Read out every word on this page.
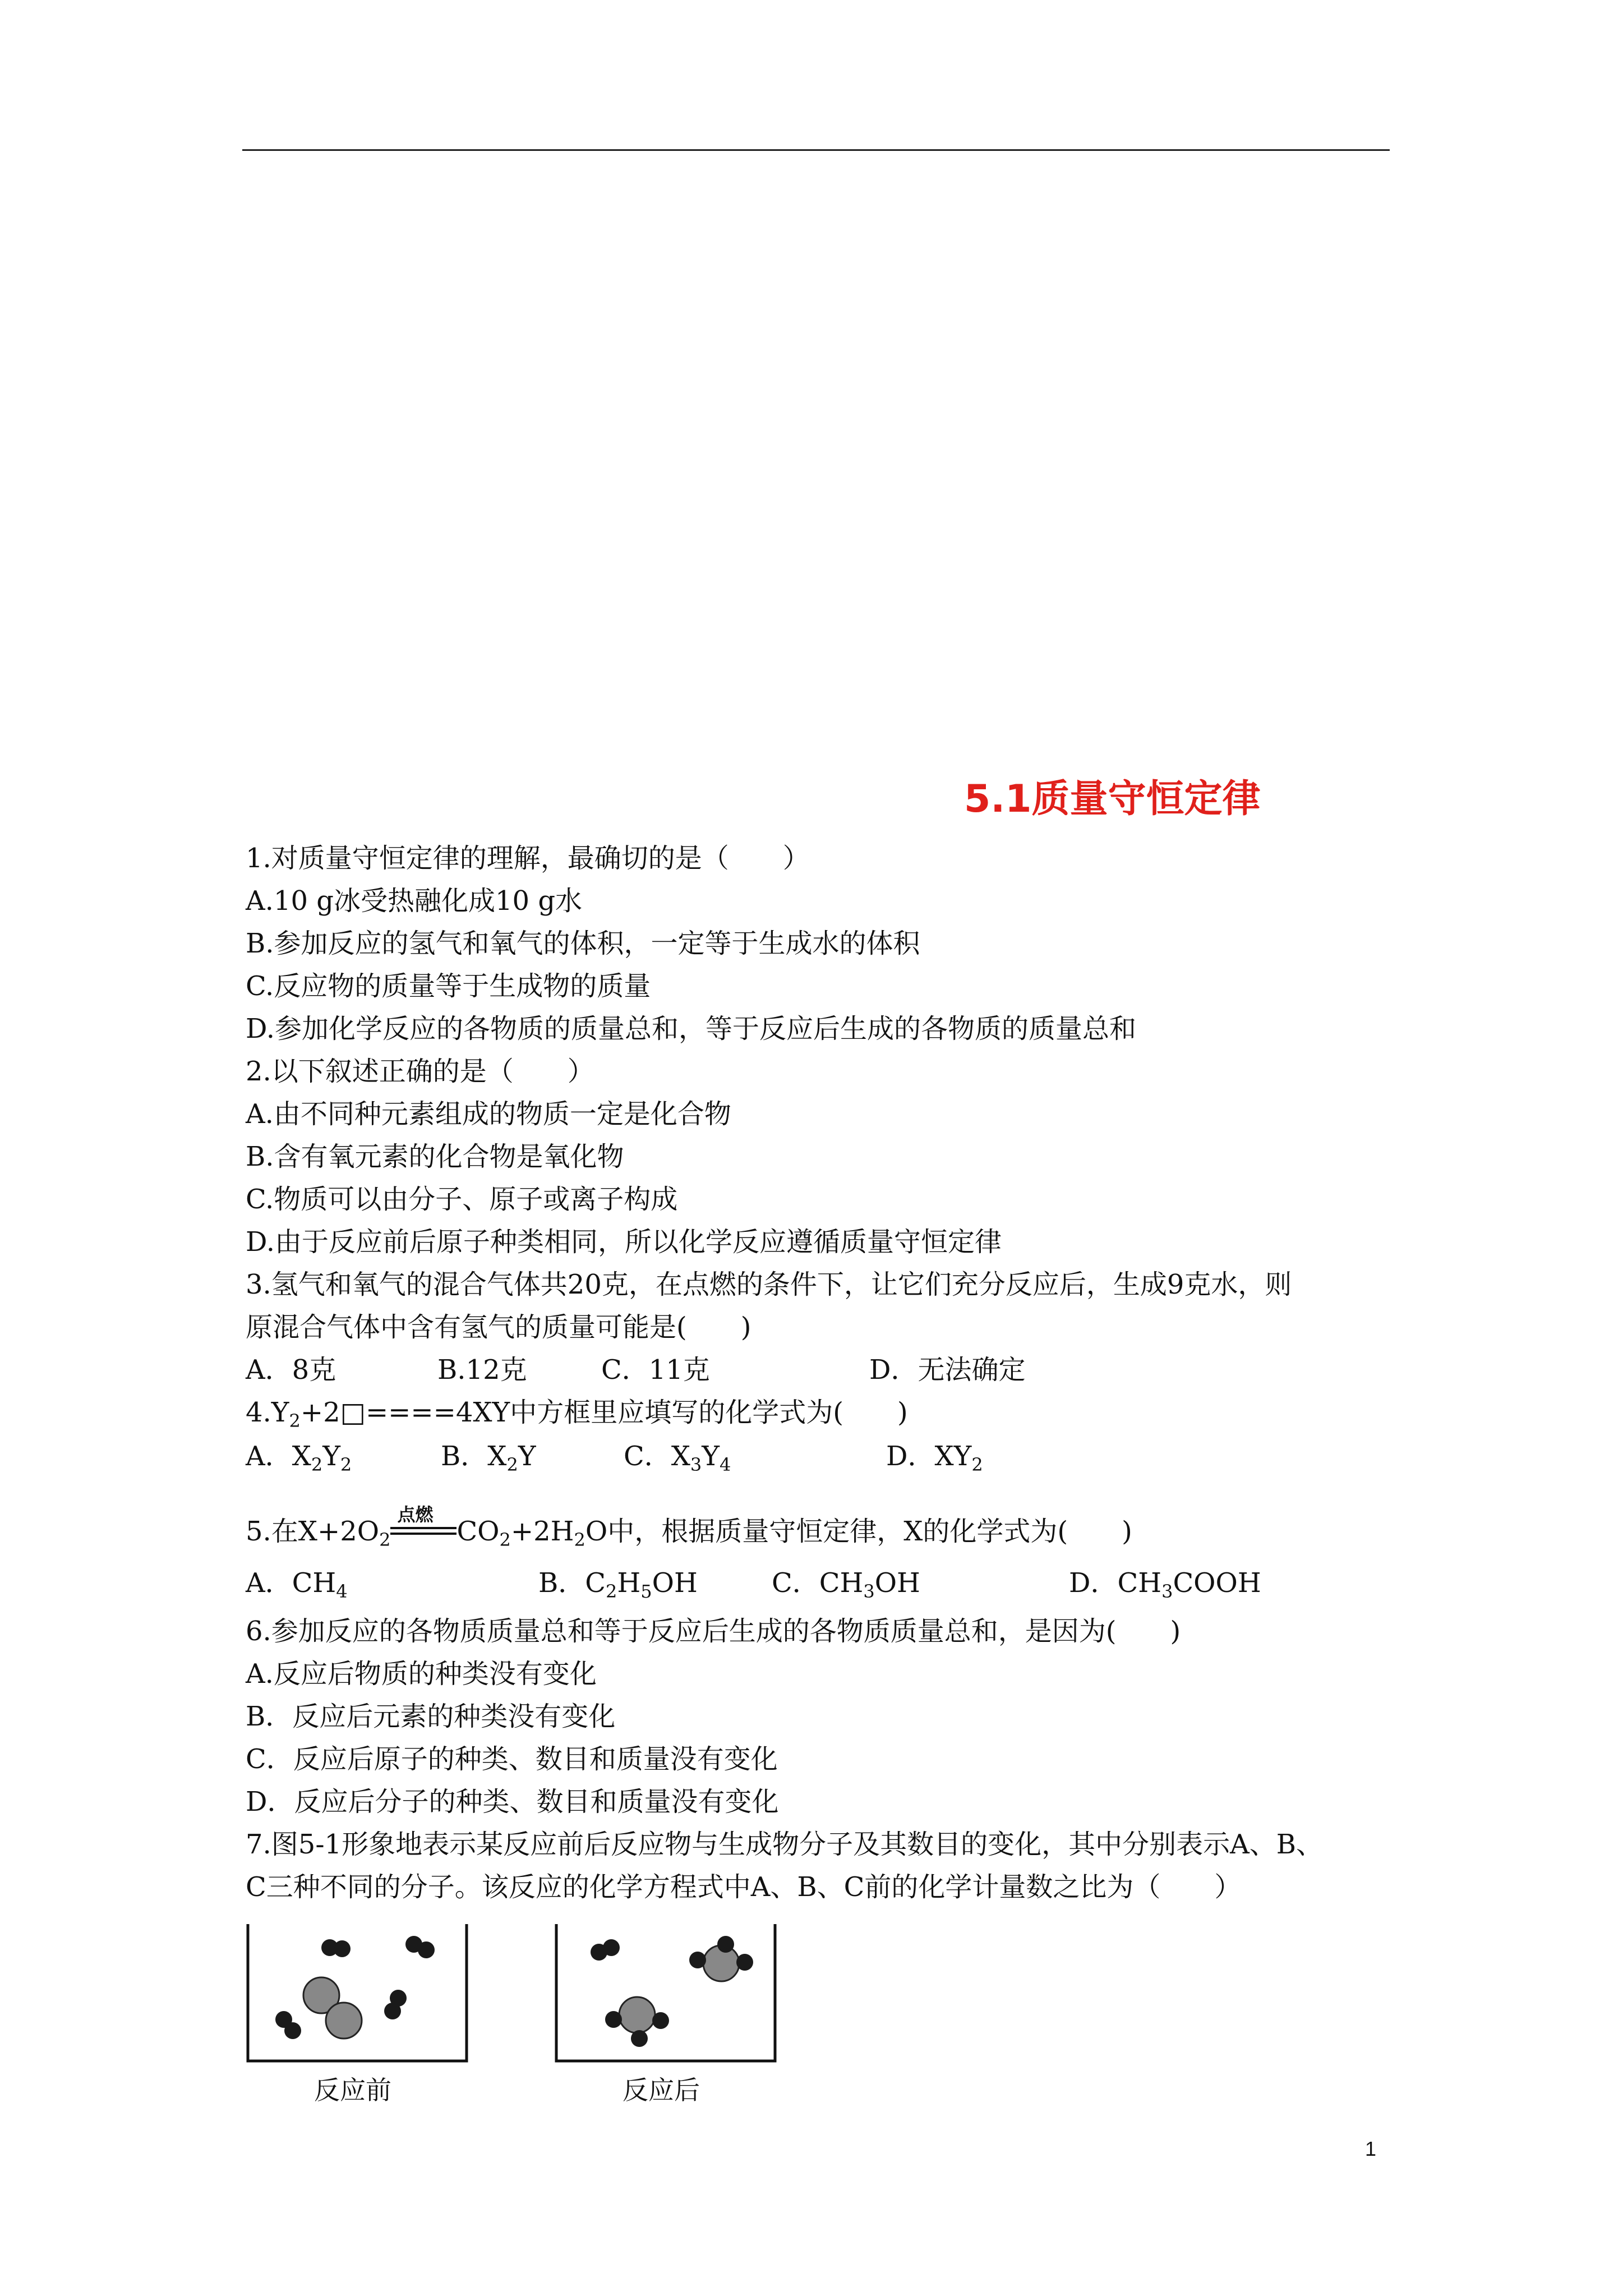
5.1质量守恒定律
1.对质量守恒定律的理解，最确切的是（　　）
A.10 g冰受热融化成10 g水
B.参加反应的氢气和氧气的体积，一定等于生成水的体积
C.反应物的质量等于生成物的质量
D.参加化学反应的各物质的质量总和，等于反应后生成的各物质的质量总和
2.以下叙述正确的是（　　）
A.由不同种元素组成的物质一定是化合物
B.含有氧元素的化合物是氧化物
C.物质可以由分子、原子或离子构成
D.由于反应前后原子种类相同，所以化学反应遵循质量守恒定律
3.氢气和氧气的混合气体共20克，在点燃的条件下，让它们充分反应后，生成9克水，则
原混合气体中含有氢气的质量可能是(　　)
A．8克	B.12克	C．11克	D．无法确定
$4.Y_2+2□====4XY$中方框里应填写的化学式为(　　)
A．$X_2Y_2$	B．$X_2Y$	C．$X_3Y_4$	D．$XY_2$
5.在$X+2O_2$
点燃
$CO_2+2H_2O$中，根据质量守恒定律，X的化学式为(　　)
A．$CH_4$	B．$C_2H_5OH$	C．$CH_3OH$	D．$CH_3COOH$
6.参加反应的各物质质量总和等于反应后生成的各物质质量总和，是因为(　　)
A.反应后物质的种类没有变化
B．反应后元素的种类没有变化
C．反应后原子的种类、数目和质量没有变化
D．反应后分子的种类、数目和质量没有变化
7.图5-1形象地表示某反应前后反应物与生成物分子及其数目的变化，其中分别表示A、B、
C三种不同的分子。该反应的化学方程式中A、B、C前的化学计量数之比为（　　）
反应前	反应后
1
